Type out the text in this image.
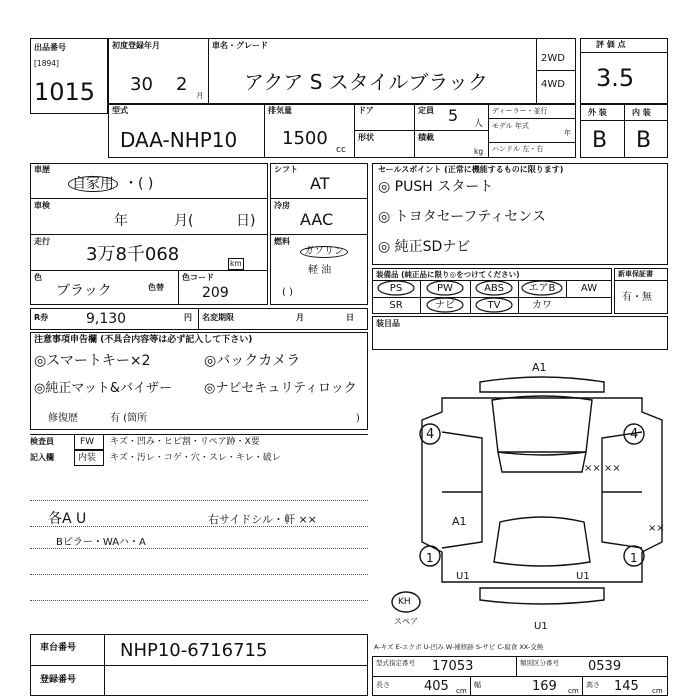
出品番号
[1894]
1015
初度登録年月
30 2
月
車名・グレード
アクア S スタイルブラック
2WD
4WD
評 価 点
3.5
型式
DAA-NHP10
排気量
1500
cc
ドア
形状
定員 5 人
積載
kg
ディーラー・並行
モデル 年式
年
ハンドル 左・右
外 装	内 装
B B
車歴
自家用 ・( )
車検
年	月(	日)
走行
3万8千068	km
色
ブラック	色替
色コード
209
シフト
AT
冷房
AAC
燃料
ガソリン
軽 油
( )
セールスポイント (正常に機能するものに限ります)
◎ PUSH スタート
◎ トヨタセーフティセンス
◎ 純正SDナビ
装備品 (純正品に限り◎をつけてください)
PS	PW	ABS	エアB	AW
SR	ナビ	TV	カワ
新車保証書
有・無
R券	9,130	円 名変期限	月	日
装目品
注意事項申告欄 (不具合内容等は必ず記入して下さい)
◎スマートキー×2	◎バックカメラ
◎純正マット&バイザー ◎ナビセキュリティロック
修復歴	有 (箇所	)
検査員
記入欄
FW キズ・凹み・ヒビ割・リペア跡・X要
内装 キズ・汚レ・コゲ・穴・スレ・キレ・破レ
各A U	右サイドシル・軒 ××
Bピラー・WAハ・A
A1
4	4
×× ××
××
A1
U1	U1
1	1
U1
KH
スペア
A-キズ E-エクボ U-凹み W-補修跡 S-サビ C-腐食 XX-交換
車台番号 NHP10-6716715
登録番号
型式指定番号 17053	類別区分番号 0539
長さ	405 cm
幅	169 cm
高さ 145 cm
